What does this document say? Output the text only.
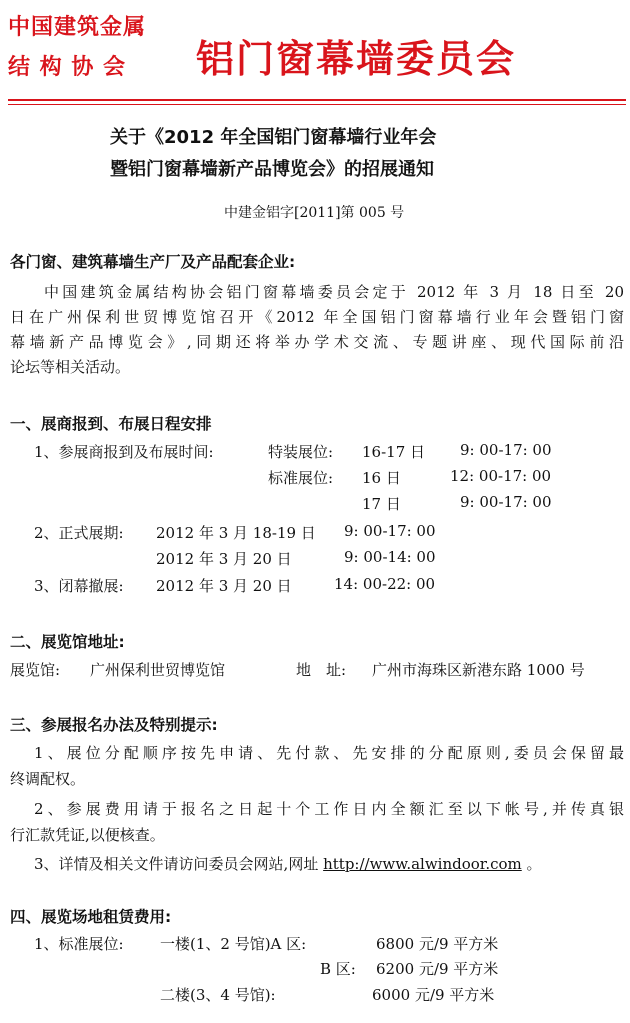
中国建筑金属
结 构 协 会 铝门窗幕墙委员会
关于《2012 年全国铝门窗幕墙行业年会
暨铝门窗幕墙新产品博览会》的招展通知
中建金铝字[2011]第 005 号
各门窗、建筑幕墙生产厂及产品配套企业:
中国建筑金属结构协会铝门窗幕墙委员会定于 2012 年 3 月 18 日至 20
日在广州保利世贸博览馆召开《2012 年全国铝门窗幕墙行业年会暨铝门窗
幕墙新产品博览会》,同期还将举办学术交流、专题讲座、现代国际前沿
论坛等相关活动。
一、展商报到、布展日程安排
1、参展商报到及布展时间:	特装展位: 16-17 日 9: 00-17: 00
标准展位: 16 日	12: 00-17: 00
17 日	9: 00-17: 00
2、正式展期: 2012 年 3 月 18-19 日 9: 00-17: 00
2012 年 3 月 20 日	9: 00-14: 00
3、闭幕撤展: 2012 年 3 月 20 日	14: 00-22: 00
二、展览馆地址:
展览馆: 广州保利世贸博览馆	地　址: 广州市海珠区新港东路 1000 号
三、参展报名办法及特别提示:
1、展位分配顺序按先申请、先付款、先安排的分配原则,委员会保留最
终调配权。
2、参展费用请于报名之日起十个工作日内全额汇至以下帐号,并传真银
行汇款凭证,以便核查。
3、详情及相关文件请访问委员会网站,网址 http://www.alwindoor.com 。
四、展览场地租赁费用:
1、标准展位: 一楼(1、2 号馆)A 区:	6800 元/9 平方米
B 区: 6200 元/9 平方米
二楼(3、4 号馆):	6000 元/9 平方米
